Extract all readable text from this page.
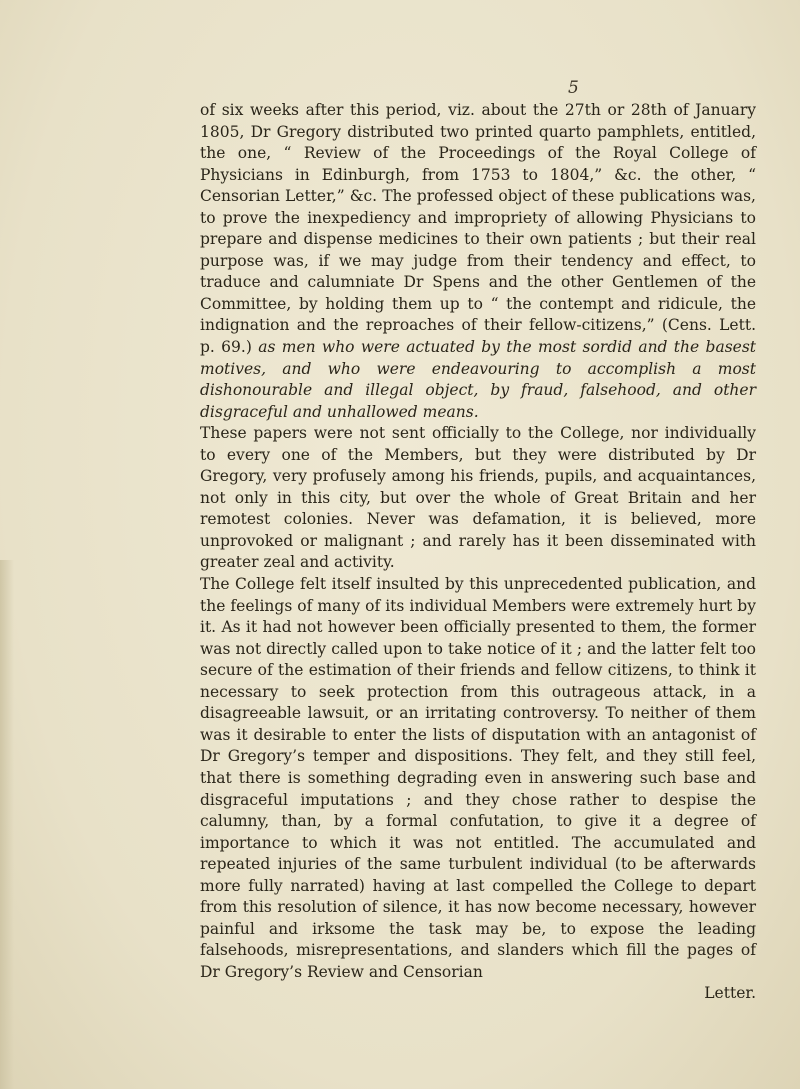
5

of six weeks after this period, viz. about the 27th or 28th of January 1805, Dr Gregory distributed two printed quarto pamphlets, entitled, the one, “ Review of the Proceedings of the Royal College of Physicians in Edinburgh, from 1753 to 1804,” &c. the other, “ Censorian Letter,” &c. The professed object of these publications was, to prove the inexpediency and impropriety of allowing Physicians to prepare and dispense medicines to their own patients ; but their real purpose was, if we may judge from their tendency and effect, to traduce and calumniate Dr Spens and the other Gentlemen of the Committee, by holding them up to “ the contempt and ridicule, the indignation and the reproaches of their fellow-citizens,” (Cens. Lett. p. 69.) as men who were actuated by the most sordid and the basest motives, and who were endeavouring to accomplish a most dishonourable and illegal object, by fraud, falsehood, and other disgraceful and unhallowed means.

These papers were not sent officially to the College, nor individually to every one of the Members, but they were distributed by Dr Gregory, very profusely among his friends, pupils, and acquaintances, not only in this city, but over the whole of Great Britain and her remotest colonies. Never was defamation, it is believed, more unprovoked or malignant ; and rarely has it been disseminated with greater zeal and activity.

The College felt itself insulted by this unprecedented publication, and the feelings of many of its individual Members were extremely hurt by it. As it had not however been officially presented to them, the former was not directly called upon to take notice of it ; and the latter felt too secure of the estimation of their friends and fellow citizens, to think it necessary to seek protection from this outrageous attack, in a disagreeable lawsuit, or an irritating controversy. To neither of them was it desirable to enter the lists of disputation with an antagonist of Dr Gregory’s temper and dispositions. They felt, and they still feel, that there is something degrading even in answering such base and disgraceful imputations ; and they chose rather to despise the calumny, than, by a formal confutation, to give it a degree of importance to which it was not entitled. The accumulated and repeated injuries of the same turbulent individual (to be afterwards more fully narrated) having at last compelled the College to depart from this resolution of silence, it has now become necessary, however painful and irksome the task may be, to expose the leading falsehoods, misrepresentations, and slanders which fill the pages of Dr Gregory’s Review and Censorian

Letter.
